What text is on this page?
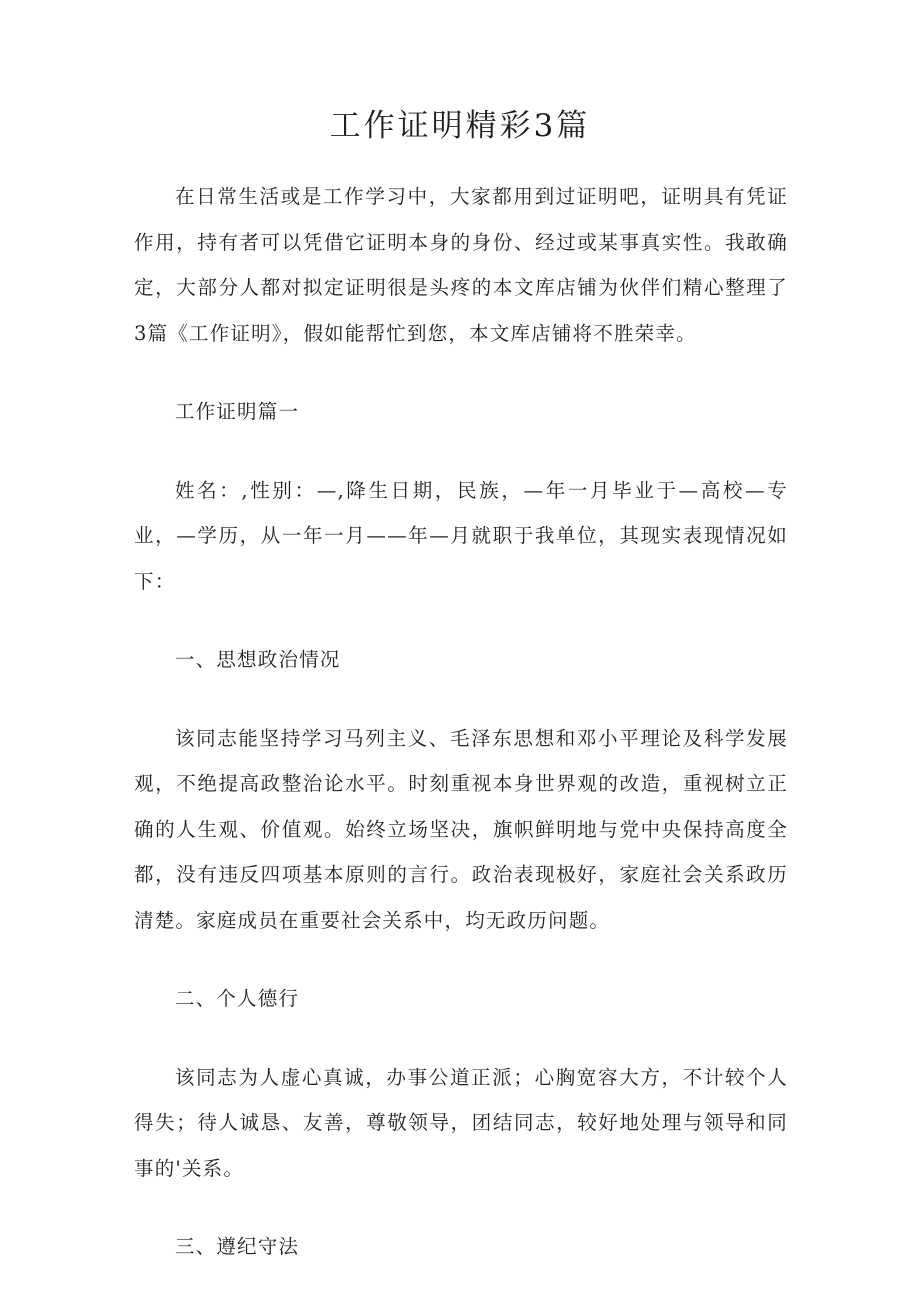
工作证明精彩3篇

在日常生活或是工作学习中，大家都用到过证明吧，证明具有凭证作用，持有者可以凭借它证明本身的身份、经过或某事真实性。我敢确定，大部分人都对拟定证明很是头疼的本文库店铺为伙伴们精心整理了3篇《工作证明》，假如能帮忙到您，本文库店铺将不胜荣幸。

工作证明篇一

姓名：,性别：—,降生日期，民族，—年一月毕业于—高校—专业，—学历，从一年一月——年—月就职于我单位，其现实表现情况如下：

一、思想政治情况

该同志能坚持学习马列主义、毛泽东思想和邓小平理论及科学发展观，不绝提高政整治论水平。时刻重视本身世界观的改造，重视树立正确的人生观、价值观。始终立场坚决，旗帜鲜明地与党中央保持高度全都，没有违反四项基本原则的言行。政治表现极好，家庭社会关系政历清楚。家庭成员在重要社会关系中，均无政历问题。

二、个人德行

该同志为人虚心真诚，办事公道正派；心胸宽容大方，不计较个人得失；待人诚恳、友善，尊敬领导，团结同志，较好地处理与领导和同事的'关系。

三、遵纪守法
